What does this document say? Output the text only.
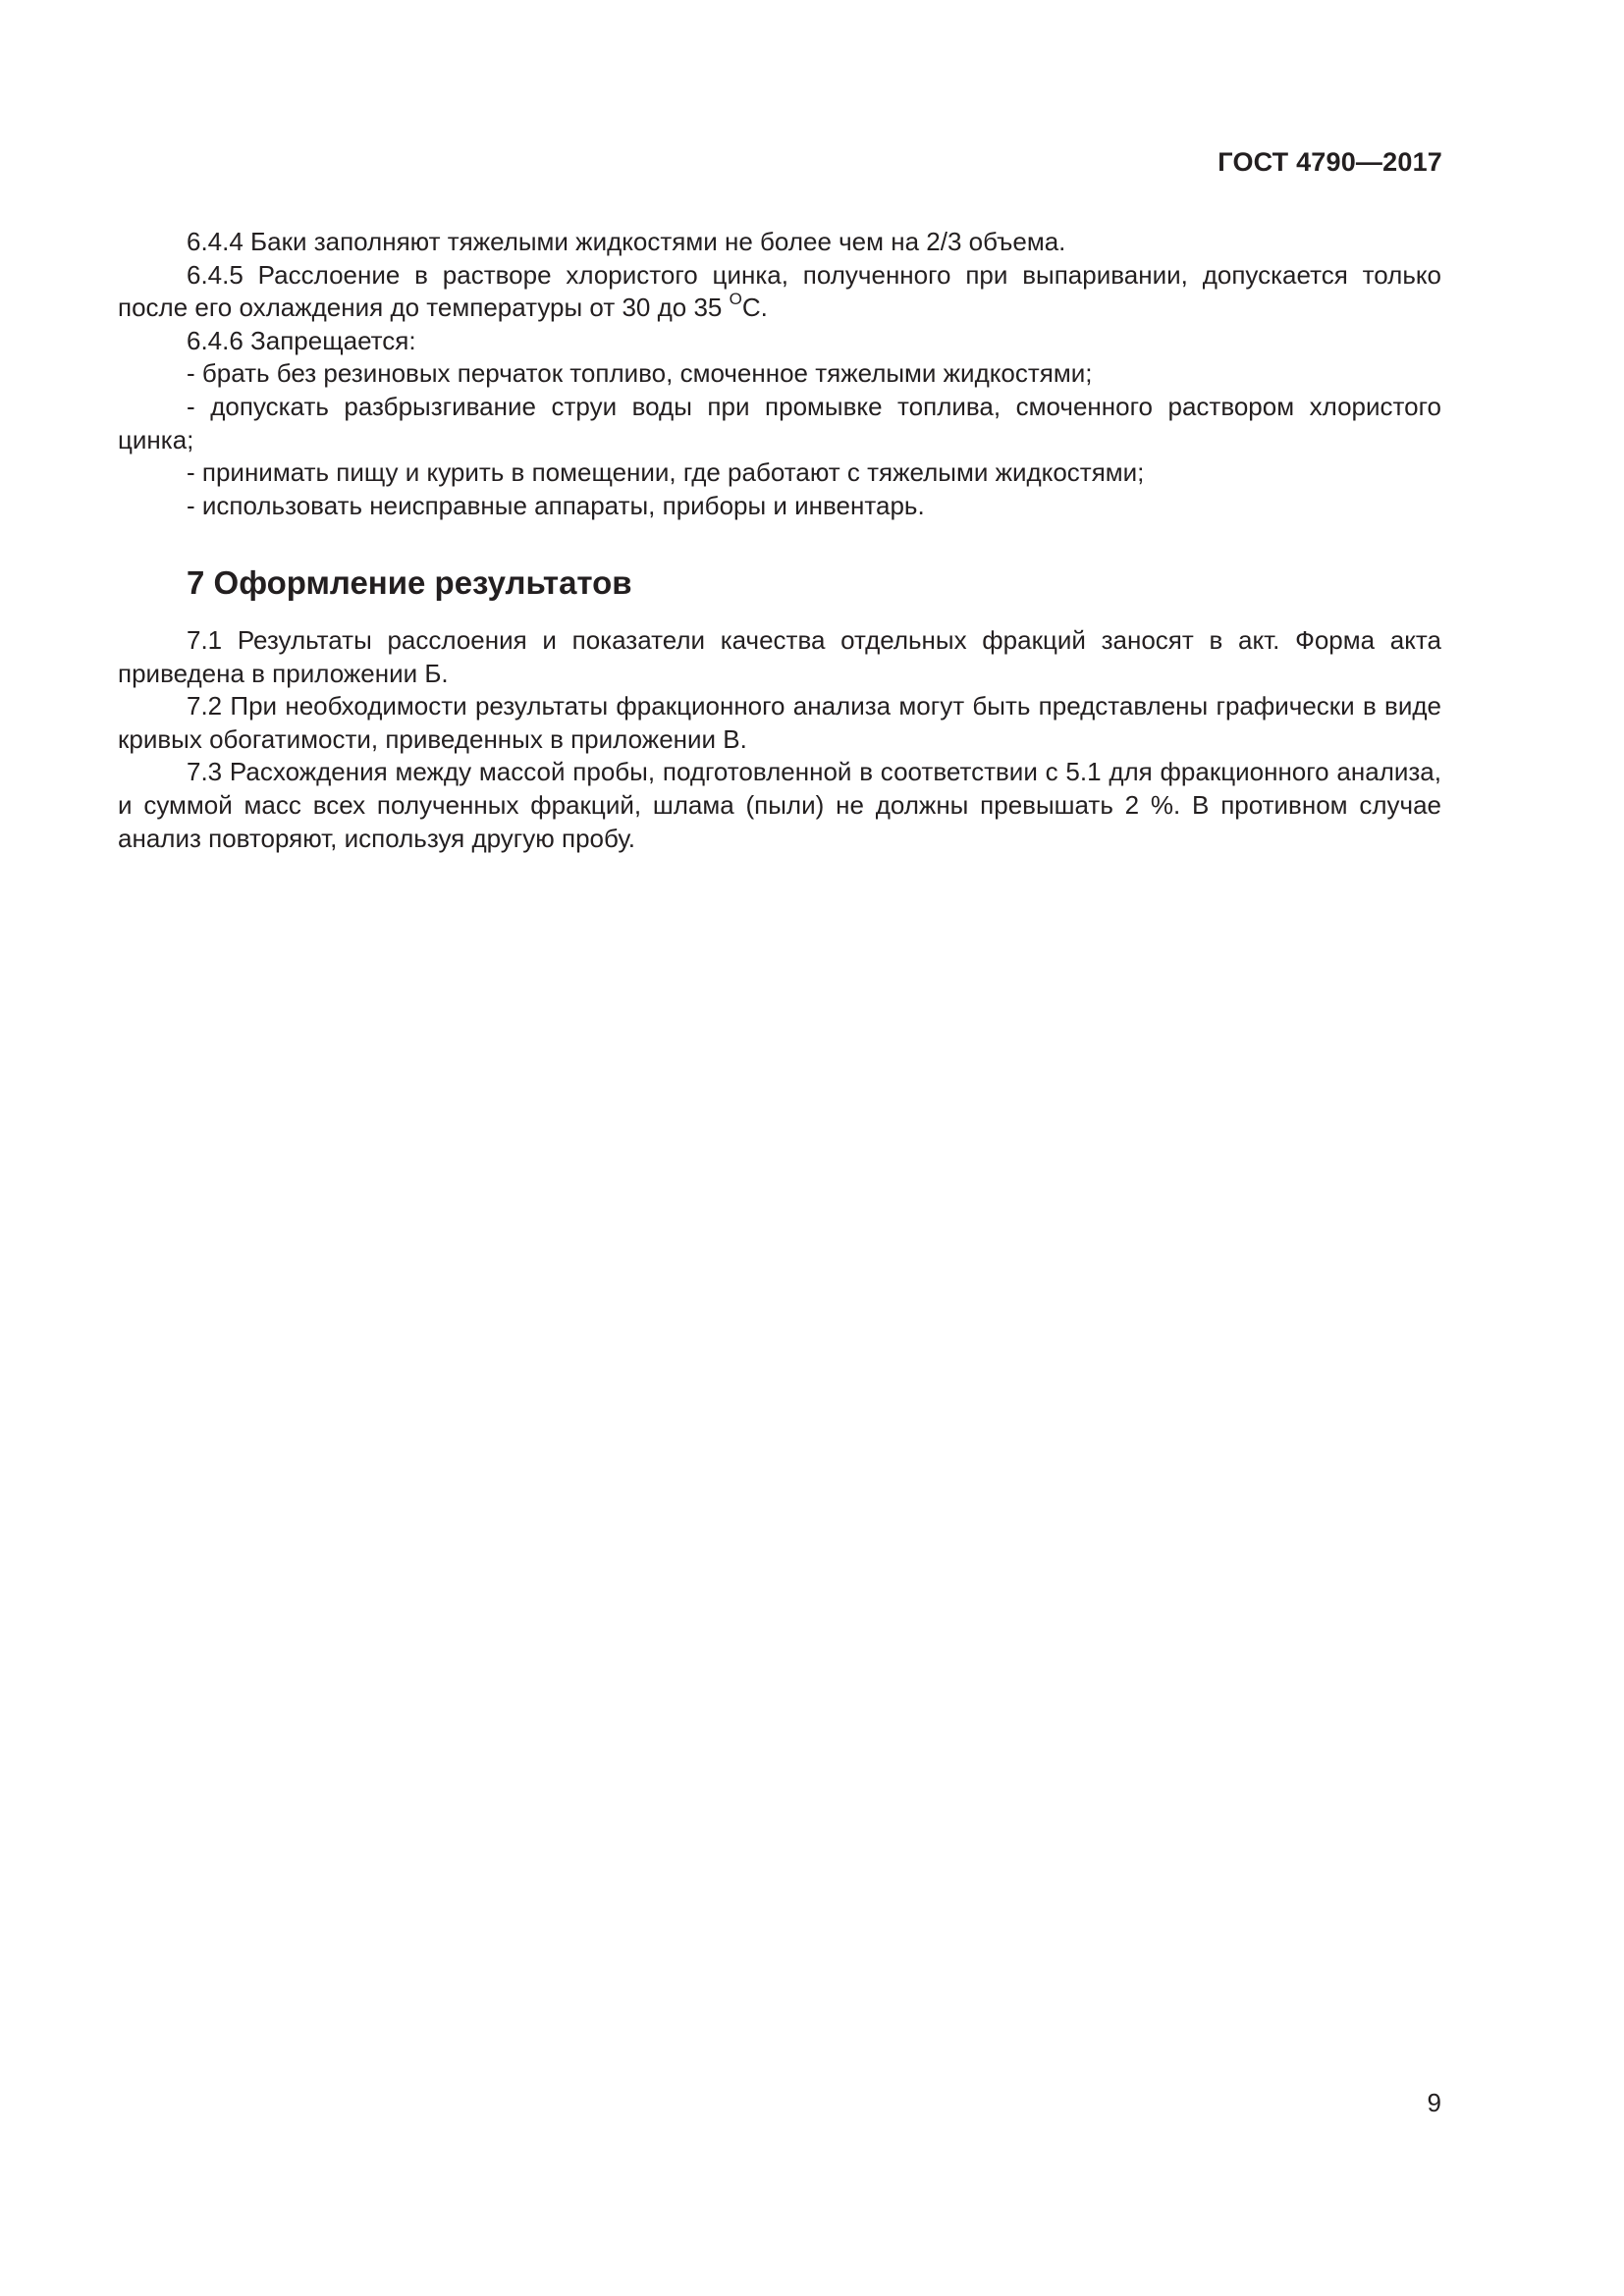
ГОСТ 4790—2017

6.4.4 Баки заполняют тяжелыми жидкостями не более чем на 2/3 объема.

6.4.5 Расслоение в растворе хлористого цинка, полученного при выпаривании, допускается только после его охлаждения до температуры от 30 до 35 $^O$C.

6.4.6 Запрещается:

- брать без резиновых перчаток топливо, смоченное тяжелыми жидкостями;

- допускать разбрызгивание струи воды при промывке топлива, смоченного раствором хлористого цинка;

- принимать пищу и курить в помещении, где работают с тяжелыми жидкостями;

- использовать неисправные аппараты, приборы и инвентарь.

7 Оформление результатов

7.1 Результаты расслоения и показатели качества отдельных фракций заносят в акт. Форма акта приведена в приложении Б.

7.2 При необходимости результаты фракционного анализа могут быть представлены графически в виде кривых обогатимости, приведенных в приложении В.

7.3 Расхождения между массой пробы, подготовленной в соответствии с 5.1 для фракционного анализа, и суммой масс всех полученных фракций, шлама (пыли) не должны превышать 2 %. В противном случае анализ повторяют, используя другую пробу.

9
